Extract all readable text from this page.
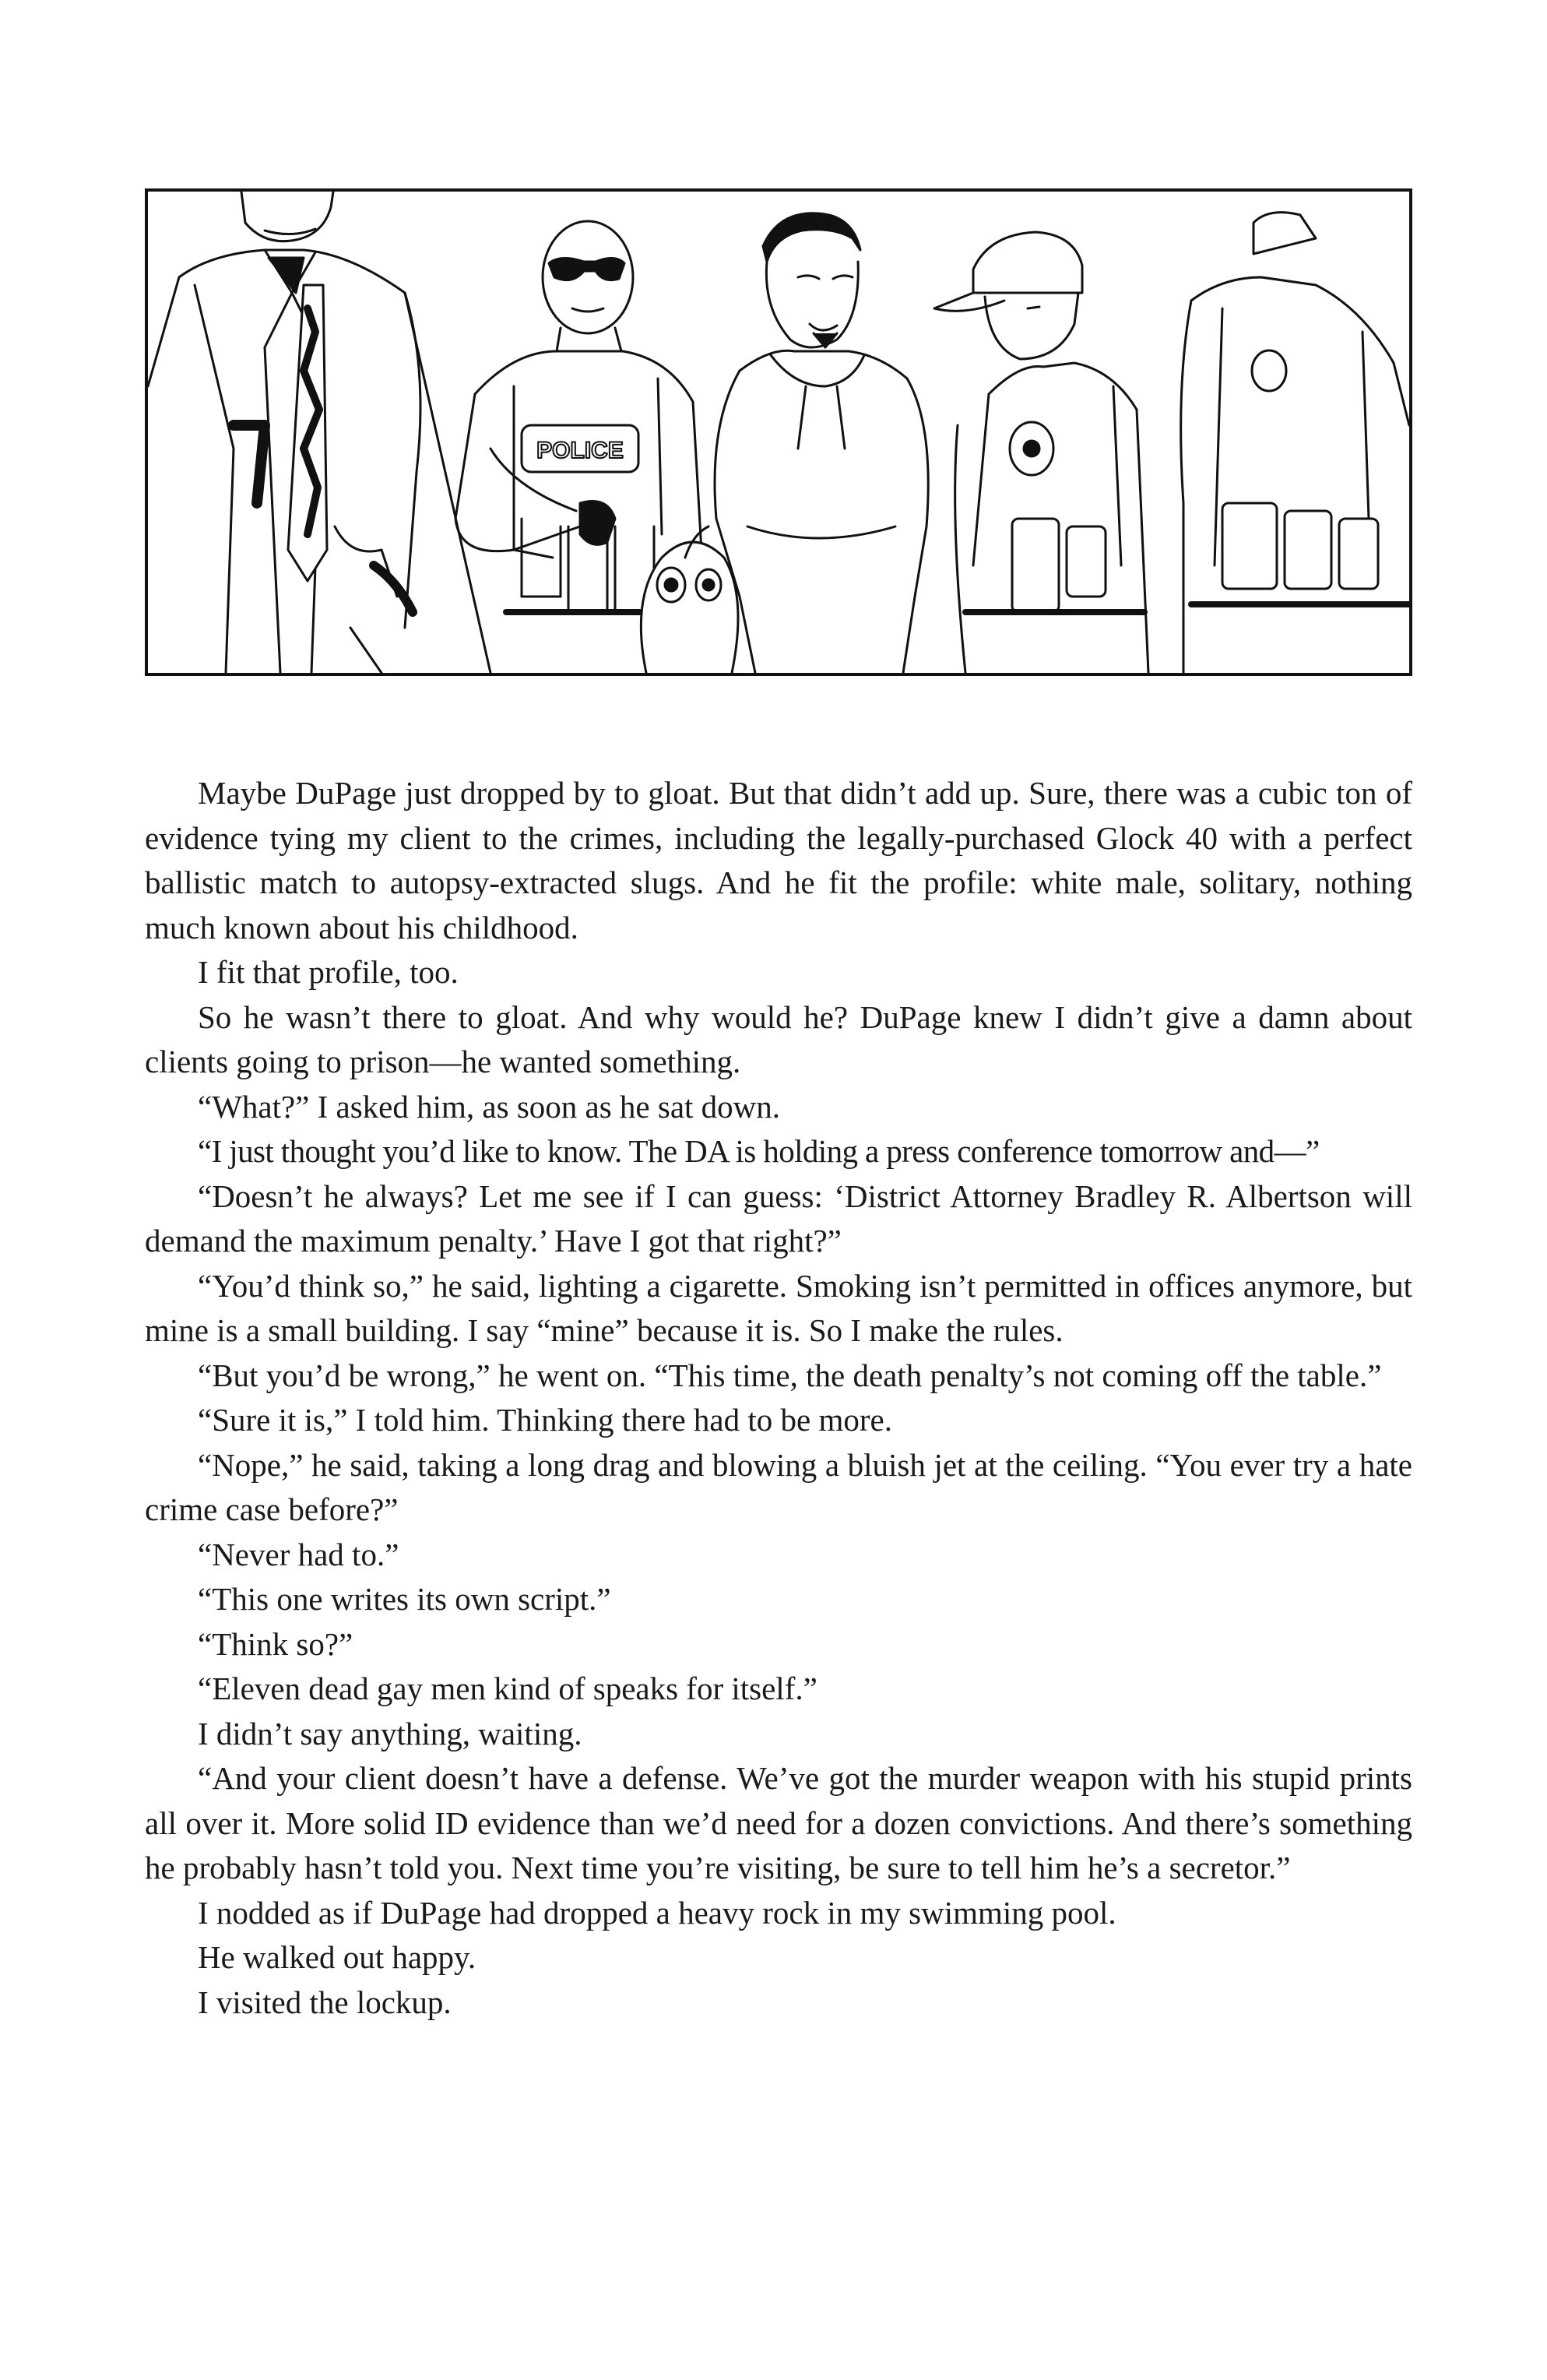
POLICE

Maybe DuPage just dropped by to gloat. But that didn’t add up. Sure, there was a cubic ton of evidence tying my client to the crimes, including the legally-purchased Glock 40 with a perfect ballistic match to autopsy-extracted slugs. And he fit the profile: white male, solitary, nothing much known about his childhood.

I fit that profile, too.

So he wasn’t there to gloat. And why would he? DuPage knew I didn’t give a damn about clients going to prison—he wanted something.

“What?” I asked him, as soon as he sat down.

“I just thought you’d like to know. The DA is holding a press conference tomorrow and—”

“Doesn’t he always? Let me see if I can guess: ‘District Attorney Bradley R. Albertson will demand the maximum penalty.’ Have I got that right?”

“You’d think so,” he said, lighting a cigarette. Smoking isn’t permitted in offices anymore, but mine is a small building. I say “mine” because it is. So I make the rules.

“But you’d be wrong,” he went on. “This time, the death penalty’s not coming off the table.”

“Sure it is,” I told him. Thinking there had to be more.

“Nope,” he said, taking a long drag and blowing a bluish jet at the ceiling. “You ever try a hate crime case before?”

“Never had to.”

“This one writes its own script.”

“Think so?”

“Eleven dead gay men kind of speaks for itself.”

I didn’t say anything, waiting.

“And your client doesn’t have a defense. We’ve got the murder weapon with his stupid prints all over it. More solid ID evidence than we’d need for a dozen convictions. And there’s something he probably hasn’t told you. Next time you’re visiting, be sure to tell him he’s a secretor.”

I nodded as if DuPage had dropped a heavy rock in my swimming pool.

He walked out happy.

I visited the lockup.
